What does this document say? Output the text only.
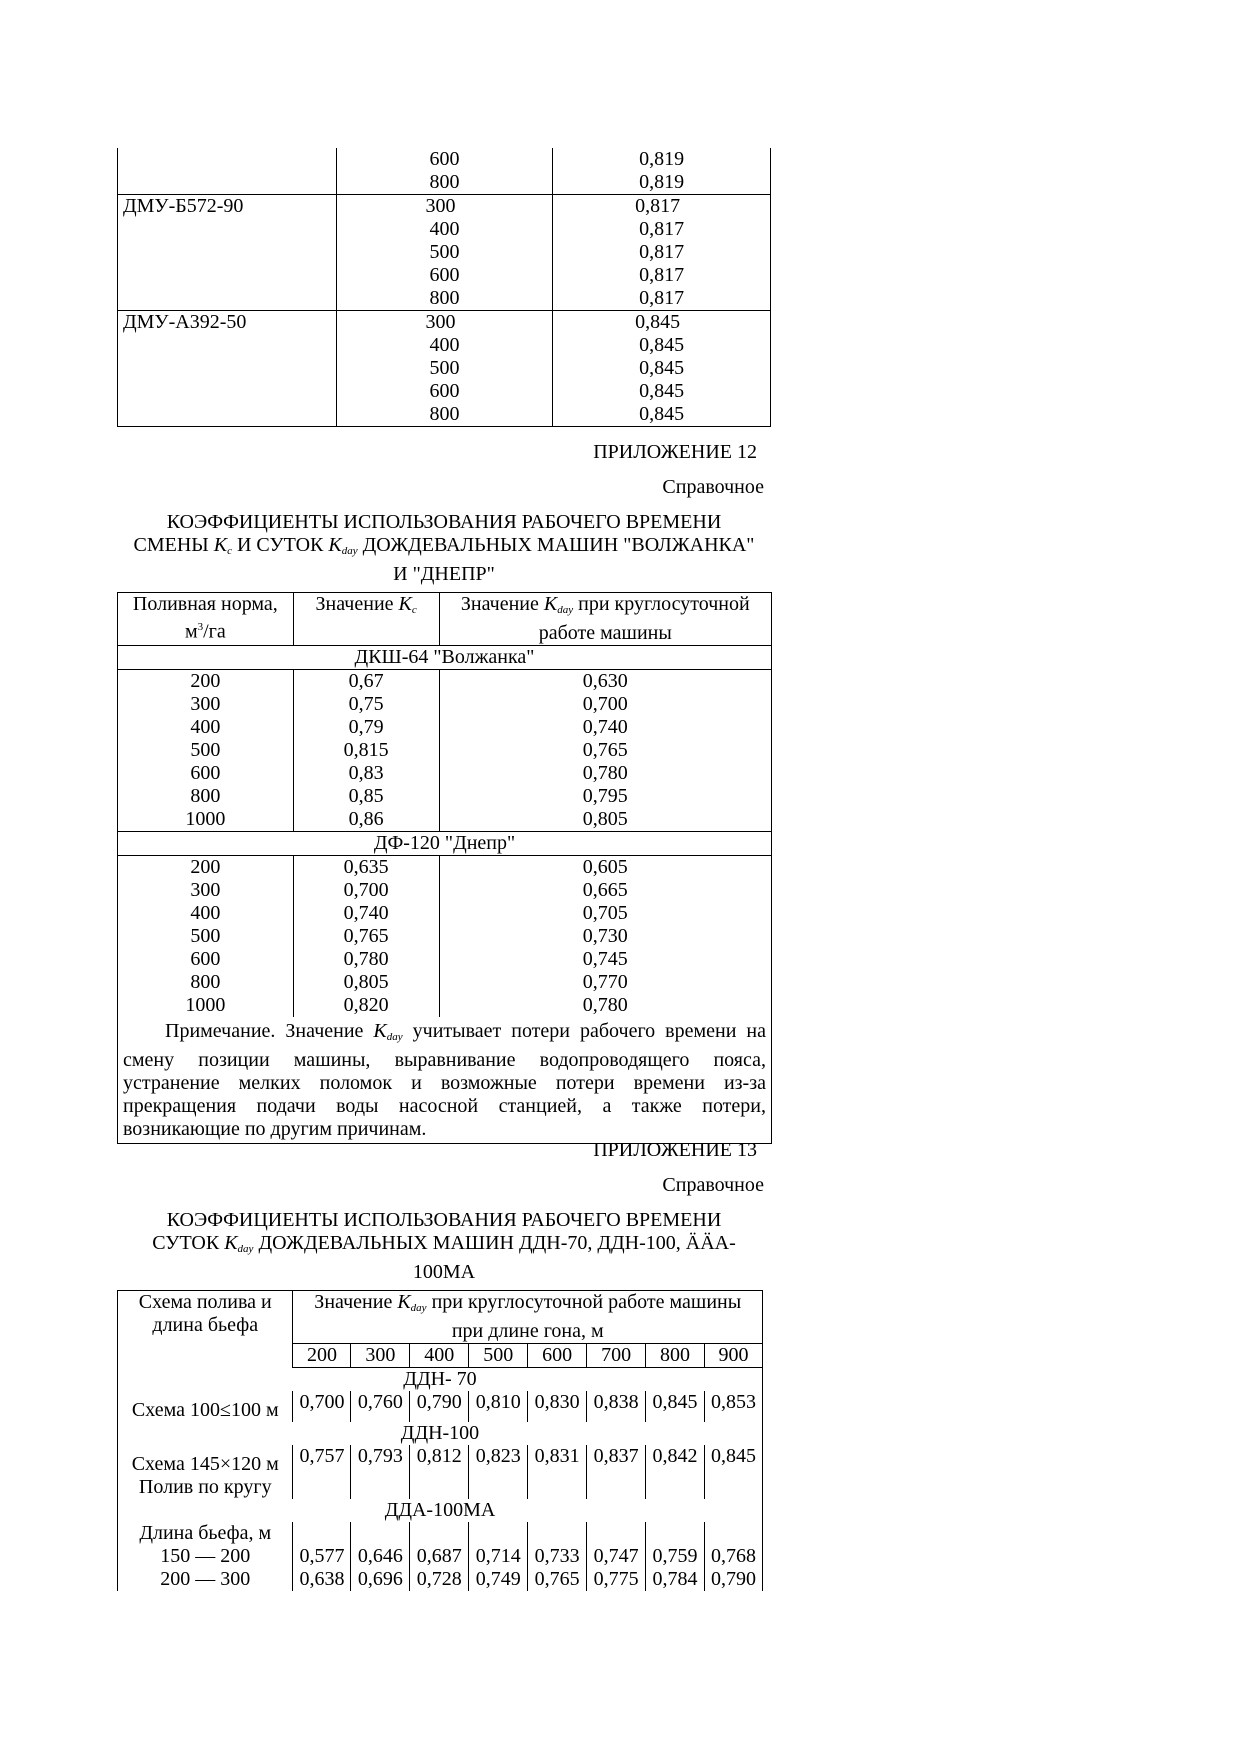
	600	0,819
	800	0,819
ДМУ-Б572-90	300	0,817
	400	0,817
	500	0,817
	600	0,817
	800	0,817
ДМУ-А392-50	300	0,845
	400	0,845
	500	0,845
	600	0,845
	800	0,845
ПРИЛОЖЕНИЕ 12
Справочное
КОЭФФИЦИЕНТЫ ИСПОЛЬЗОВАНИЯ РАБОЧЕГО ВРЕМЕНИ
СМЕНЫ $K_c$ И СУТОК $K_{day}$ ДОЖДЕВАЛЬНЫХ МАШИН "ВОЛЖАНКА"
И "ДНЕПР"
Поливная норма,
$м^3/га$	Значение $K_c$	Значение $K_{day}$ при круглосуточной
работе машины
ДКШ-64 "Волжанка"		
200	0,67	0,630
300	0,75	0,700
400	0,79	0,740
500	0,815	0,765
600	0,83	0,780
800	0,85	0,795
1000	0,86	0,805
ДФ-120 "Днепр"		
200	0,635	0,605
300	0,700	0,665
400	0,740	0,705
500	0,765	0,730
600	0,780	0,745
800	0,805	0,770
1000	0,820	0,780
Примечание. Значение $K_{day}$ учитывает потери рабочего времени на смену позиции машины, выравнивание водопроводящего пояса, устранение мелких поломок и возможные потери времени из-за прекращения подачи воды насосной станцией, а также потери, возникающие по другим причинам.		
ПРИЛОЖЕНИЕ 13
Справочное
КОЭФФИЦИЕНТЫ ИСПОЛЬЗОВАНИЯ РАБОЧЕГО ВРЕМЕНИ
СУТОК $K_{day}$ ДОЖДЕВАЛЬНЫХ МАШИН ДДН-70, ДДН-100, ÄÄА-
100МА
Схема полива и
длина бьефа	Значение $K_{day}$ при круглосуточной работе машины
при длине гона, м							
	200	300	400	500	600	700	800	900
ДДН- 70								
Схема 100≤100 м	0,700	0,760	0,790	0,810	0,830	0,838	0,845	0,853
ДДН-100								
Схема 145×120 м	0,757	0,793	0,812	0,823	0,831	0,837	0,842	0,845
Полив по кругу								
ДДА-100МА								
Длина бьефа, м								
150 — 200	0,577	0,646	0,687	0,714	0,733	0,747	0,759	0,768
200 — 300	0,638	0,696	0,728	0,749	0,765	0,775	0,784	0,790
